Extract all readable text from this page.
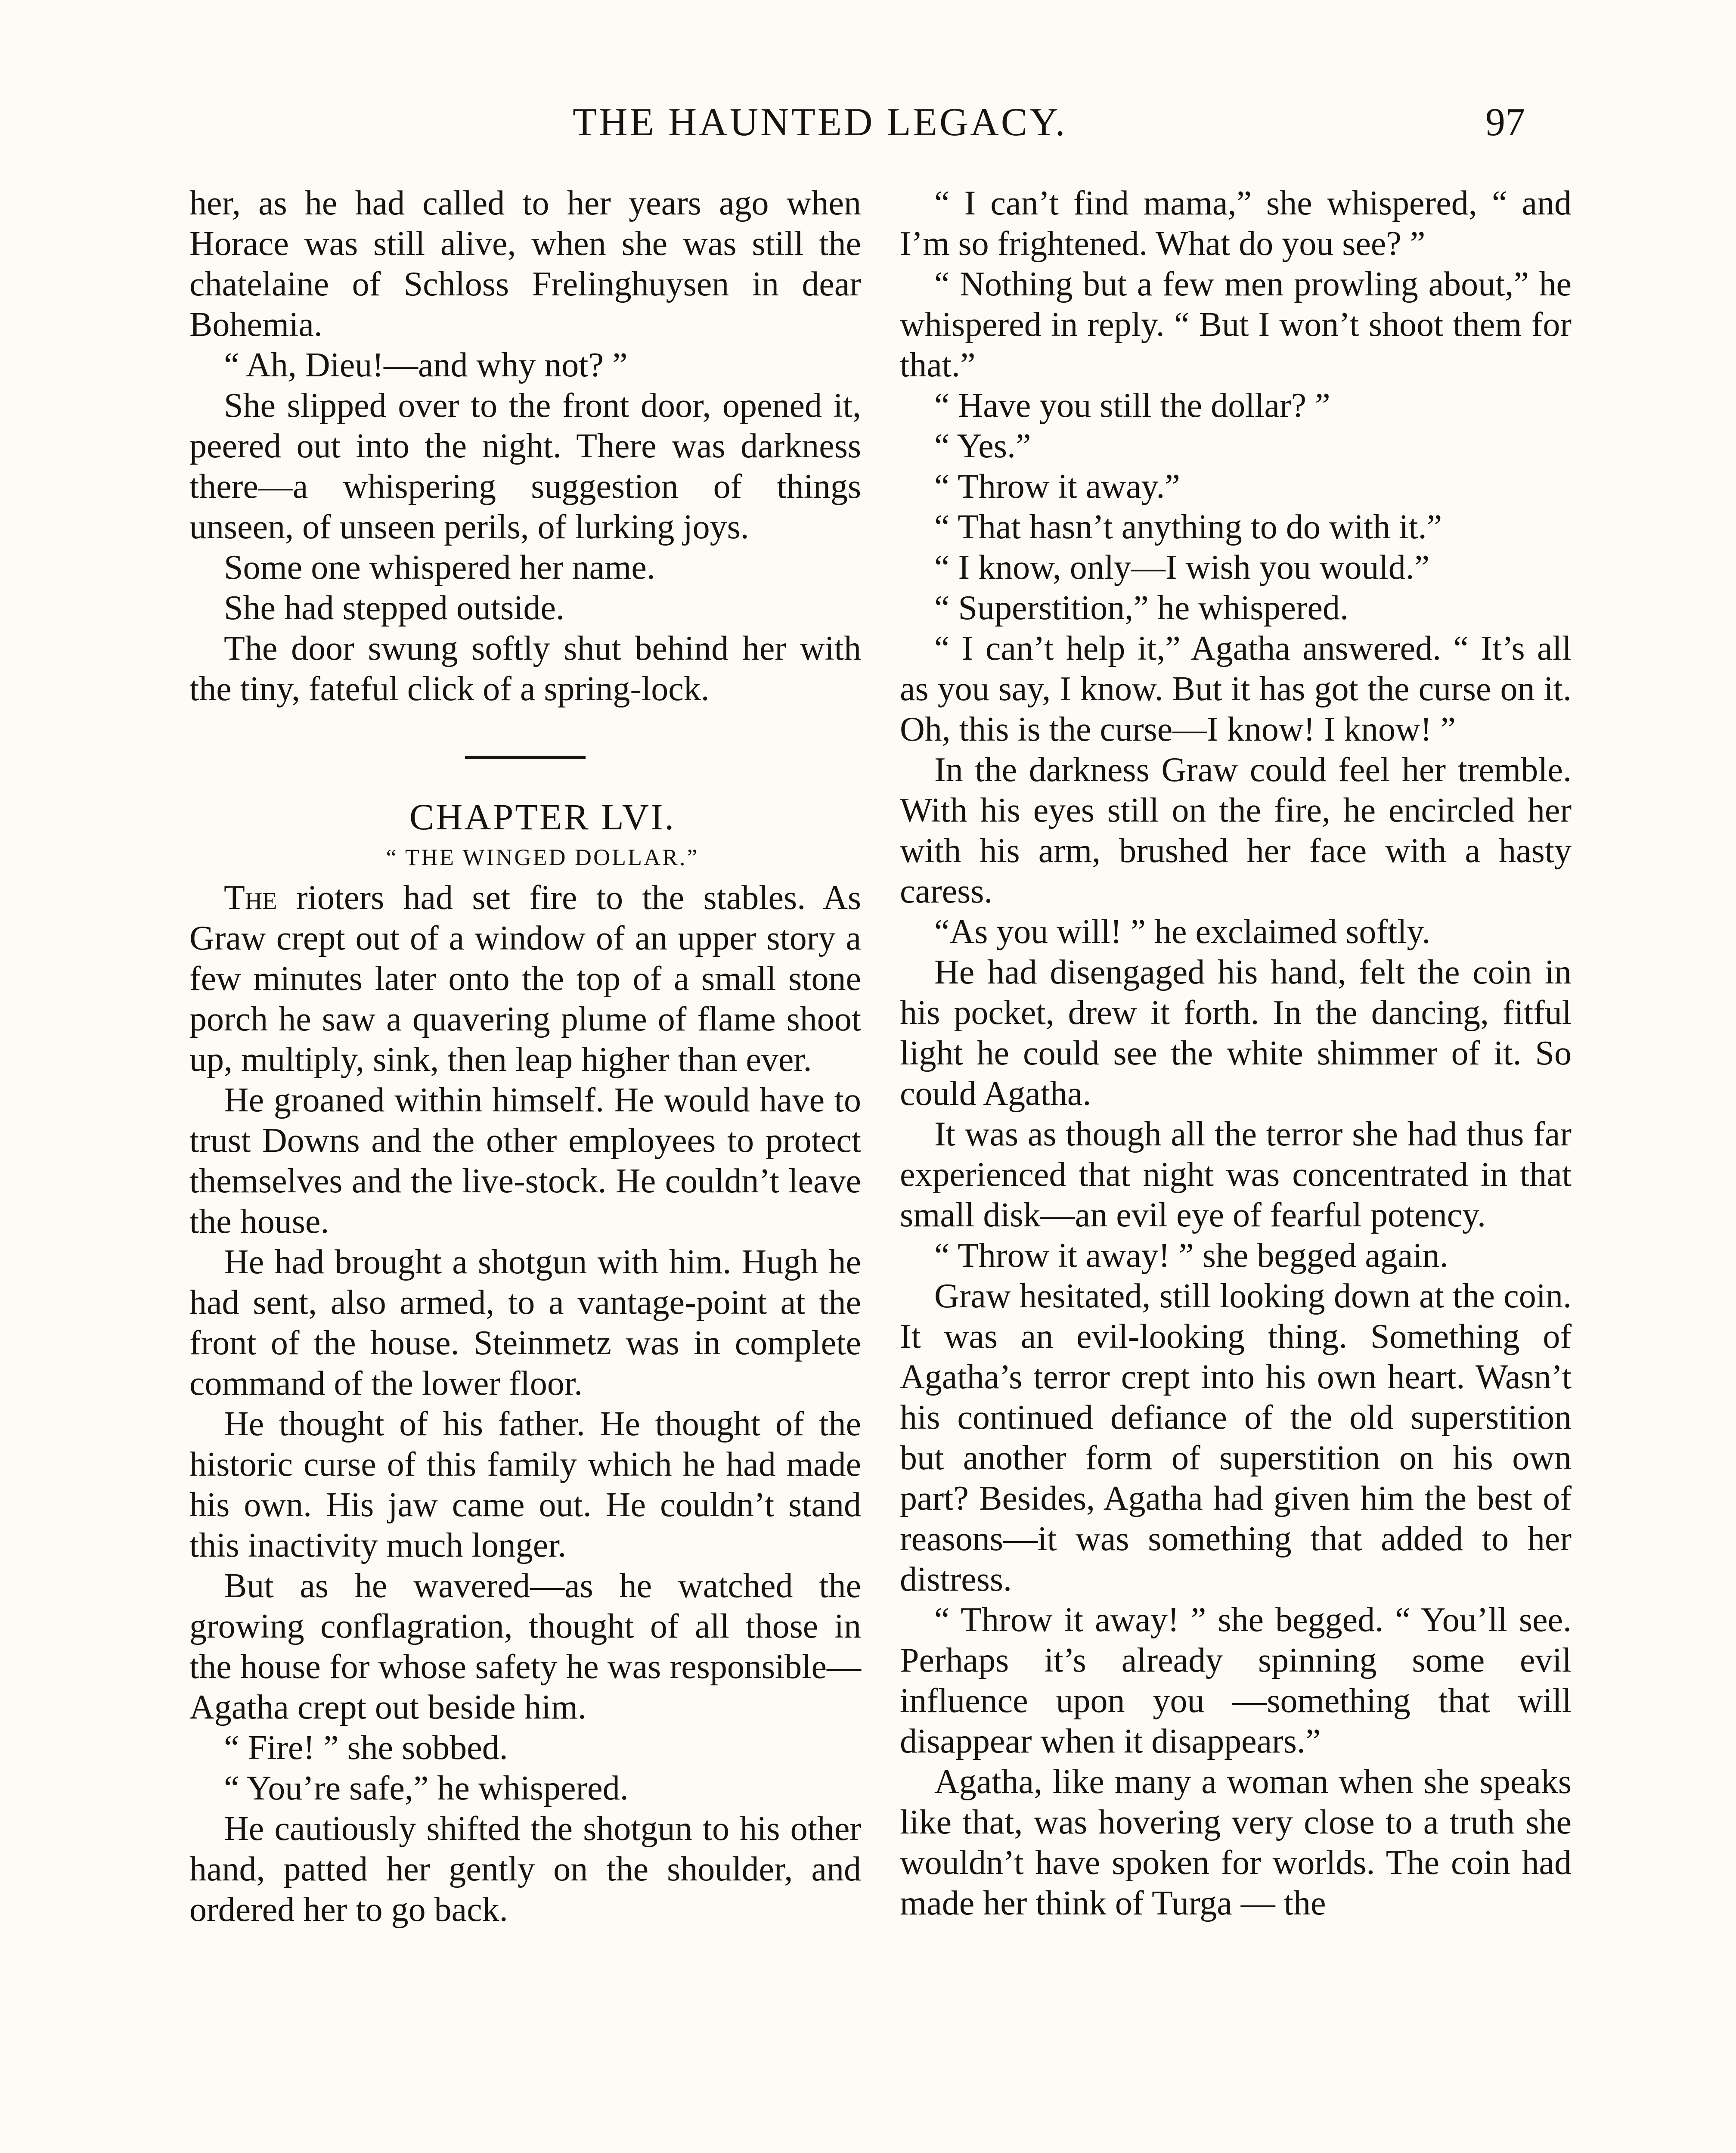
THE HAUNTED LEGACY.	97

her, as he had called to her years ago when Horace was still alive, when she was still the chatelaine of Schloss Frelinghuysen in dear Bohemia.

“ Ah, Dieu!—and why not? ”

She slipped over to the front door, opened it, peered out into the night. There was darkness there—a whispering suggestion of things unseen, of unseen perils, of lurking joys.

Some one whispered her name.

She had stepped outside.

The door swung softly shut behind her with the tiny, fateful click of a spring-lock.

CHAPTER LVI.

“ THE WINGED DOLLAR.”

The rioters had set fire to the stables. As Graw crept out of a window of an upper story a few minutes later onto the top of a small stone porch he saw a quavering plume of flame shoot up, multiply, sink, then leap higher than ever.

He groaned within himself. He would have to trust Downs and the other employees to protect themselves and the live-stock. He couldn’t leave the house.

He had brought a shotgun with him. Hugh he had sent, also armed, to a vantage-point at the front of the house. Steinmetz was in complete command of the lower floor.

He thought of his father. He thought of the historic curse of this family which he had made his own. His jaw came out. He couldn’t stand this inactivity much longer.

But as he wavered—as he watched the growing conflagration, thought of all those in the house for whose safety he was responsible—Agatha crept out beside him.

“ Fire! ” she sobbed.

“ You’re safe,” he whispered.

He cautiously shifted the shotgun to his other hand, patted her gently on the shoulder, and ordered her to go back.

“ I can’t find mama,” she whispered, “ and I’m so frightened. What do you see? ”

“ Nothing but a few men prowling about,” he whispered in reply. “ But I won’t shoot them for that.”

“ Have you still the dollar? ”

“ Yes.”

“ Throw it away.”

“ That hasn’t anything to do with it.”

“ I know, only—I wish you would.”

“ Superstition,” he whispered.

“ I can’t help it,” Agatha answered. “ It’s all as you say, I know. But it has got the curse on it. Oh, this is the curse—I know! I know! ”

In the darkness Graw could feel her tremble. With his eyes still on the fire, he encircled her with his arm, brushed her face with a hasty caress.

“As you will! ” he exclaimed softly.

He had disengaged his hand, felt the coin in his pocket, drew it forth. In the dancing, fitful light he could see the white shimmer of it. So could Agatha.

It was as though all the terror she had thus far experienced that night was concentrated in that small disk—an evil eye of fearful potency.

“ Throw it away! ” she begged again.

Graw hesitated, still looking down at the coin. It was an evil-looking thing. Something of Agatha’s terror crept into his own heart. Wasn’t his continued defiance of the old superstition but another form of superstition on his own part? Besides, Agatha had given him the best of reasons—it was something that added to her distress.

“ Throw it away! ” she begged. “ You’ll see. Perhaps it’s already spinning some evil influence upon you —something that will disappear when it disappears.”

Agatha, like many a woman when she speaks like that, was hovering very close to a truth she wouldn’t have spoken for worlds. The coin had made her think of Turga — the
